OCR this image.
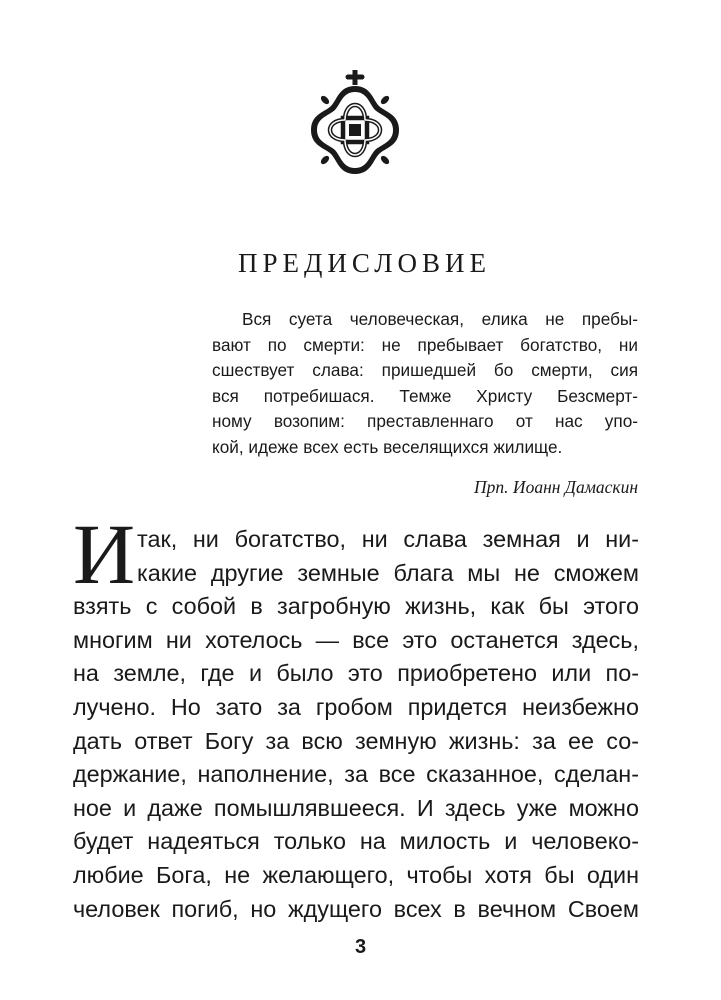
ПРЕДИСЛОВИЕ
Вся суета человеческая, елика не пребы-
вают по смерти: не пребывает богатство, ни
сшествует слава: пришедшей бо смерти, сия
вся потребишася. Темже Христу Безсмерт-
ному возопим: преставленнаго от нас упо-
кой, идеже всех есть веселящихся жилище.
Прп. Иоанн Дамаскин
И так, ни богатство, ни слава земная и ни-
какие другие земные блага мы не сможем
взять с собой в загробную жизнь, как бы этого
многим ни хотелось — все это останется здесь,
на земле, где и было это приобретено или по-
лучено. Но зато за гробом придется неизбежно
дать ответ Богу за всю земную жизнь: за ее со-
держание, наполнение, за все сказанное, сделан-
ное и даже помышлявшееся. И здесь уже можно
будет надеяться только на милость и человеко-
любие Бога, не желающего, чтобы хотя бы один
человек погиб, но ждущего всех в вечном Своем
3
